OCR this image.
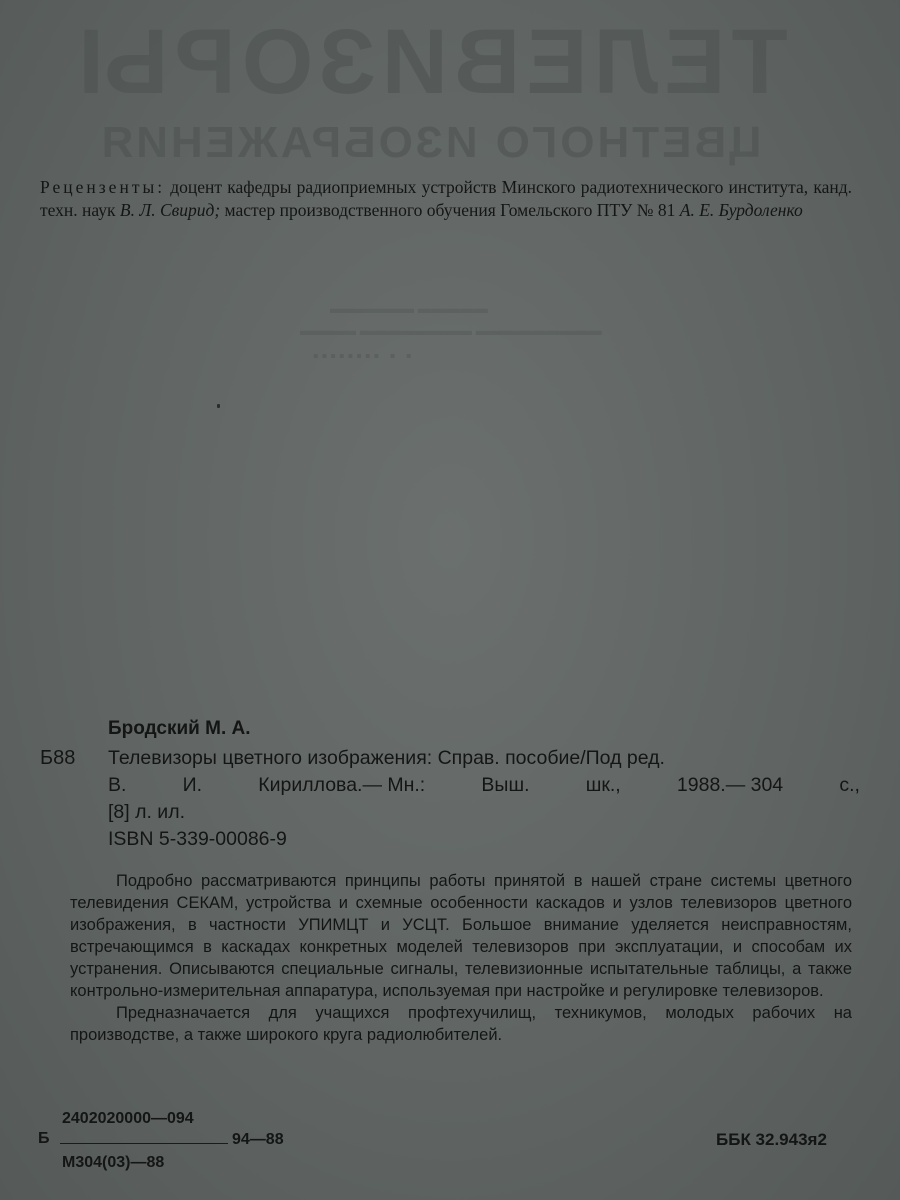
ТЕЛЕВИЗОРЫ
ЦВЕТНОГО ИЗОБРАЖЕНИЯ
▬▬▬▬▬ ▬▬▬▬▬▬
▬▬▬▬▬▬▬▬▬ ▬▬▬▬▬▬▬▬ ▬▬▬▬
▪ ▪ ▪▪▪▪▪▪▪▪
Рецензенты: доцент кафедры радиоприемных устройств Минского радиотехнического института, канд. техн. наук В. Л. Свирид; мастер производственного обучения Гомельского ПТУ № 81 А. Е. Бурдоленко
Бродский М. А.
Б88 Телевизоры цветного изображения: Справ. пособие/Под ред.
В.	И.	Кириллова.— Мн.:	Выш.	шк.,	1988.— 304	с.,
[8] л. ил.
ISBN 5-339-00086-9

Подробно рассматриваются принципы работы принятой в нашей стране системы цветного телевидения СЕКАМ, устройства и схемные особенности каскадов и узлов телевизоров цветного изображения, в частности УПИМЦТ и УСЦТ. Большое внимание уделяется неисправностям, встречающимся в каскадах конкретных моделей телевизоров при эксплуатации, и способам их устранения. Описываются специальные сигналы, телевизионные испытательные таблицы, а также контрольно-измерительная аппаратура, используемая при настройке и регулировке телевизоров.

Предназначается для учащихся профтехучилищ, техникумов, молодых рабочих на производстве, а также широкого круга радиолюбителей.

2402020000—094
Б	94—88
М304(03)—88
ББК 32.943я2
